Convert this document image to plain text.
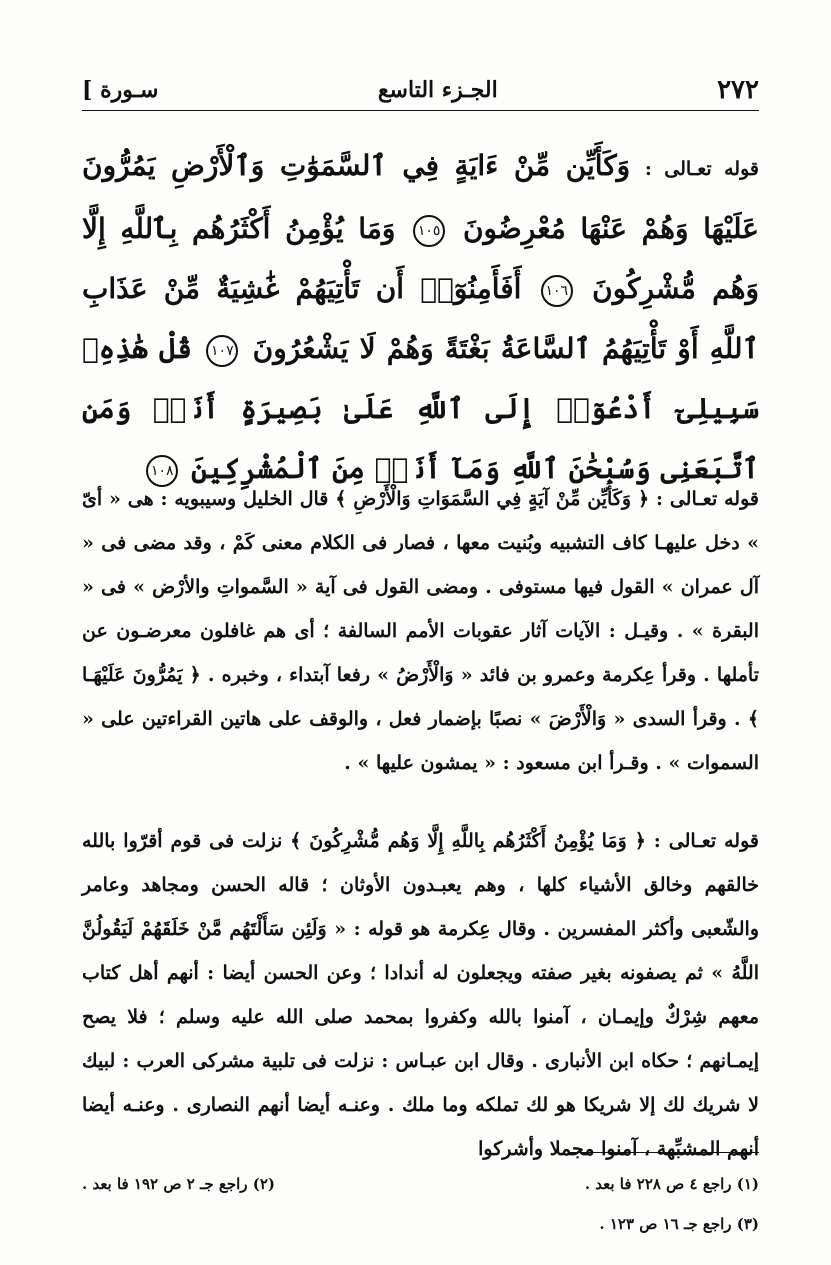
٢٧٢
الجـزء التاسع
[ سـورة
قوله تعـالى : وَكَأَيِّن مِّنْ ءَايَةٍ فِي ٱلسَّمَوَٰتِ وَٱلْأَرْضِ يَمُرُّونَ عَلَيْهَا وَهُمْ عَنْهَا مُعْرِضُونَ ١٠٥ وَمَا يُؤْمِنُ أَكْثَرُهُم بِٱللَّهِ إِلَّا وَهُم مُّشْرِكُونَ ١٠٦ أَفَأَمِنُوٓا۟ أَن تَأْتِيَهُمْ غَٰشِيَةٌ مِّنْ عَذَابِ ٱللَّهِ أَوْ تَأْتِيَهُمُ ٱلسَّاعَةُ بَغْتَةً وَهُمْ لَا يَشْعُرُونَ ١٠٧ قُلْ هَٰذِهِۦ سَبِيلِىٓ أَدْعُوٓا۟ إِلَى ٱللَّهِ عَلَىٰ بَصِيرَةٍ أَنَا۠ وَمَنِ ٱتَّبَعَنِى وَسُبْحَٰنَ ٱللَّهِ وَمَآ أَنَا۠ مِنَ ٱلْمُشْرِكِينَ ١٠٨

قوله تعـالى : ﴿ وَكَأَيِّن مِّنْ آيَةٍ فِي السَّمَوَاتِ وَالْأَرْضِ ﴾ قال الخليل وسيبويه : هى « أىّ » دخل عليهـا كاف التشبيه وبُنيت معها ، فصار فى الكلام معنى كَمْ ، وقد مضى فى « آل عمران » القول فيها مستوفى . ومضى القول فى آية « السَّمواتِ والأرْض » فى « البقرة » . وقيـل : الآيات آثار عقوبات الأمم السالفة ؛ أى هم غافلون معرضـون عن تأملها . وقرأ عِكرمة وعمرو بن فائد « وَالْأَرْضُ » رفعا آبتداء ، وخبره . ﴿ يَمُرُّونَ عَلَيْهَـا ﴾ . وقرأ السدى « وَالْأَرْضَ » نصبًا بإضمار فعل ، والوقف على هاتين القراءتين على « السموات » . وقـرأ ابن مسعود : « يمشون عليها » .

قوله تعـالى : ﴿ وَمَا يُؤْمِنُ أَكْثَرُهُم بِاللَّهِ إِلَّا وَهُم مُّشْرِكُونَ ﴾ نزلت فى قوم أقرّوا بالله خالقهم وخالق الأشياء كلها ، وهم يعبـدون الأوثان ؛ قاله الحسن ومجاهد وعامر والشّعبى وأكثر المفسرين . وقال عِكرمة هو قوله : « وَلَئِن سَأَلْتَهُم مَّنْ خَلَقَهُمْ لَيَقُولُنَّ اللَّهُ » ثم يصفونه بغير صفته ويجعلون له أندادا ؛ وعن الحسن أيضا : أنهم أهل كتاب معهم شِرْكٌ وإيمـان ، آمنوا بالله وكفروا بمحمد صلى الله عليه وسلم ؛ فلا يصح إيمـانهم ؛ حكاه ابن الأنبارى . وقال ابن عبـاس : نزلت فى تلبية مشركى العرب : لبيك لا شريك لك إلا شريكا هو لك تملكه وما ملك . وعنـه أيضا أنهم النصارى . وعنـه أيضا أنهم المشبِّهة ، آمنوا مجملا وأشركوا

(١) راجع ٤ ص ٢٢٨ فا بعد .
(٢) راجع جـ ٢ ص ١٩٢ فا بعد .
(٣) راجع جـ ١٦ ص ١٢٣ .
